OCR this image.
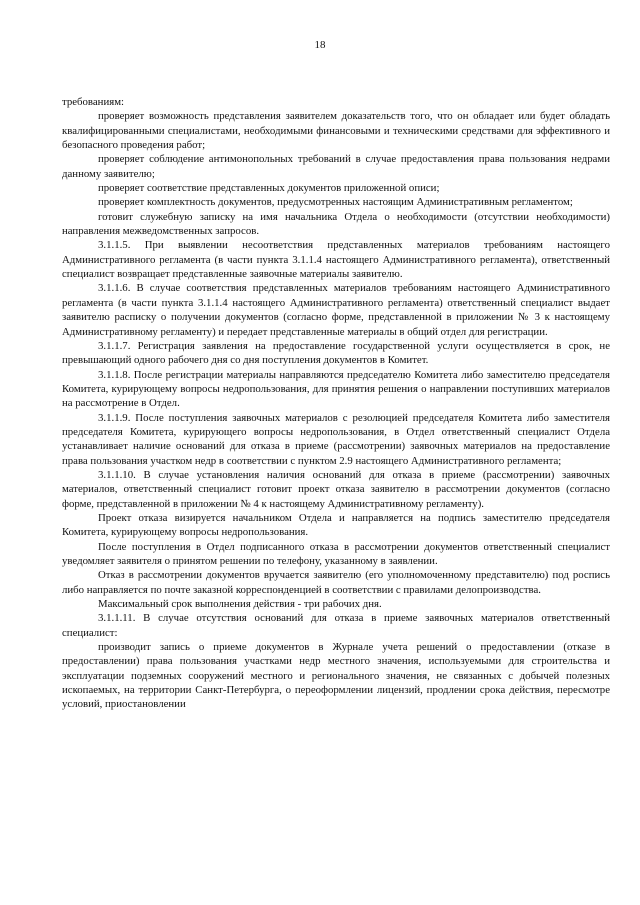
18

требованиям:

проверяет возможность представления заявителем доказательств того, что он обладает или будет обладать квалифицированными специалистами, необходимыми финансовыми и техническими средствами для эффективного и безопасного проведения работ;

проверяет соблюдение антимонопольных требований в случае предоставления права пользования недрами данному заявителю;

проверяет соответствие представленных документов приложенной описи;

проверяет комплектность документов, предусмотренных настоящим Административным регламентом;

готовит служебную записку на имя начальника Отдела о необходимости (отсутствии необходимости) направления межведомственных запросов.

3.1.1.5. При выявлении несоответствия представленных материалов требованиям настоящего Административного регламента (в части пункта 3.1.1.4 настоящего Административного регламента), ответственный специалист возвращает представленные заявочные материалы заявителю.

3.1.1.6. В случае соответствия представленных материалов требованиям настоящего Административного регламента (в части пункта 3.1.1.4 настоящего Административного регламента) ответственный специалист выдает заявителю расписку о получении документов (согласно форме, представленной в приложении № 3 к настоящему Административному регламенту) и передает представленные материалы в общий отдел для регистрации.

3.1.1.7. Регистрация заявления на предоставление государственной услуги осуществляется в срок, не превышающий одного рабочего дня со дня поступления документов в Комитет.

3.1.1.8. После регистрации материалы направляются председателю Комитета либо заместителю председателя Комитета, курирующему вопросы недропользования, для принятия решения о направлении поступивших материалов на рассмотрение в Отдел.

3.1.1.9. После поступления заявочных материалов с резолюцией председателя Комитета либо заместителя председателя Комитета, курирующего вопросы недропользования, в Отдел ответственный специалист Отдела устанавливает наличие оснований для отказа в приеме (рассмотрении) заявочных материалов на предоставление права пользования участком недр в соответствии с пунктом 2.9 настоящего Административного регламента;

3.1.1.10. В случае установления наличия оснований для отказа в приеме (рассмотрении) заявочных материалов, ответственный специалист готовит проект отказа заявителю в рассмотрении документов (согласно форме, представленной в приложении № 4 к настоящему Административному регламенту).

Проект отказа визируется начальником Отдела и направляется на подпись заместителю председателя Комитета, курирующему вопросы недропользования.

После поступления в Отдел подписанного отказа в рассмотрении документов ответственный специалист уведомляет заявителя о принятом решении по телефону, указанному в заявлении.

Отказ в рассмотрении документов вручается заявителю (его уполномоченному представителю) под роспись либо направляется по почте заказной корреспонденцией в соответствии с правилами делопроизводства.

Максимальный срок выполнения действия - три рабочих дня.

3.1.1.11. В случае отсутствия оснований для отказа в приеме заявочных материалов ответственный специалист:

производит запись о приеме документов в Журнале учета решений о предоставлении (отказе в предоставлении) права пользования участками недр местного значения, используемыми для строительства и эксплуатации подземных сооружений местного и регионального значения, не связанных с добычей полезных ископаемых, на территории Санкт-Петербурга, о переоформлении лицензий, продлении срока действия, пересмотре условий, приостановлении
